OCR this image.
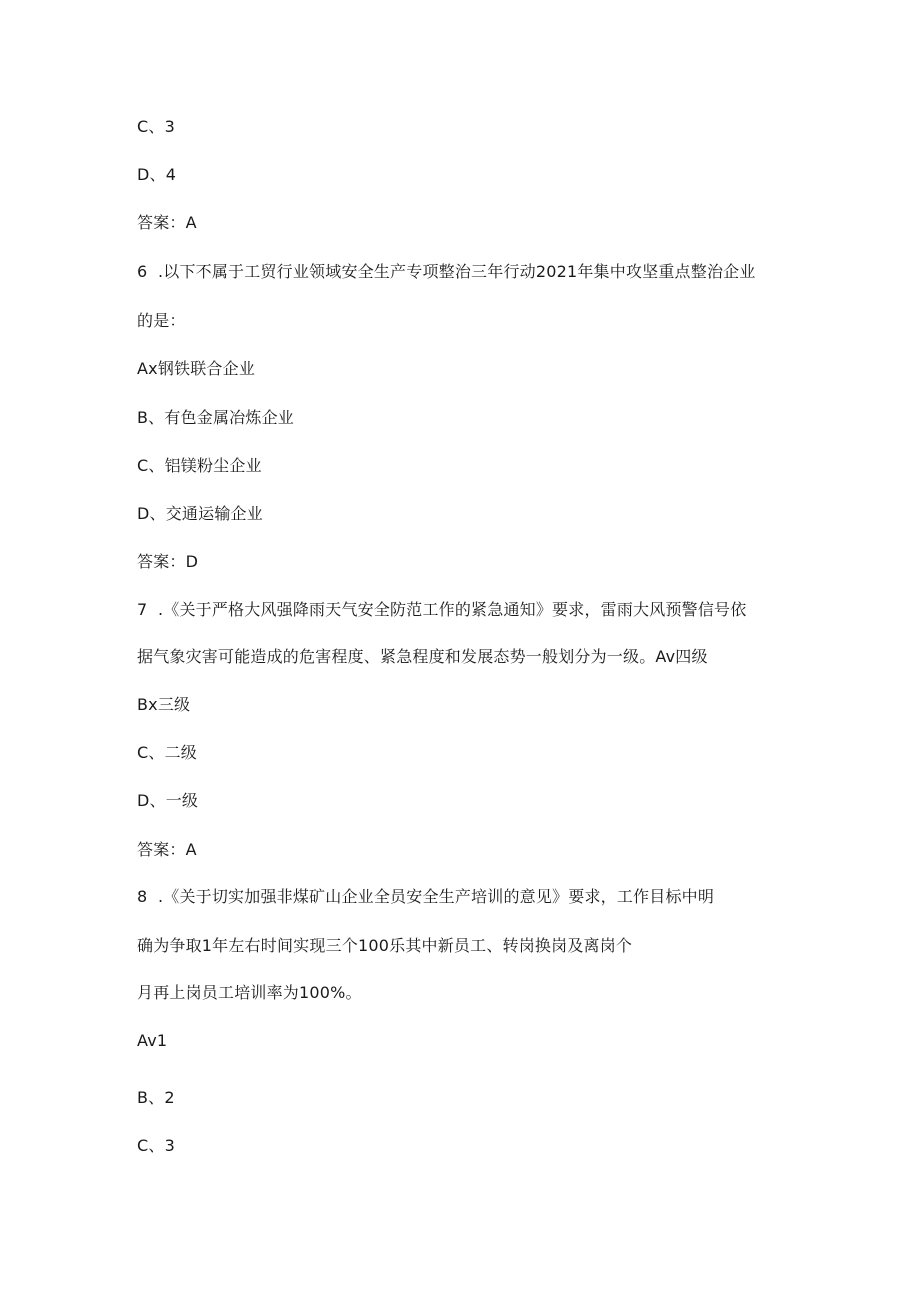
C、3
D、4
答案：A
6  .以下不属于工贸行业领域安全生产专项整治三年行动2021年集中攻坚重点整治企业
的是：
Ax钢铁联合企业
B、有色金属冶炼企业
C、铝镁粉尘企业
D、交通运输企业
答案：D
7  .《关于严格大风强降雨天气安全防范工作的紧急通知》要求，雷雨大风预警信号依
据气象灾害可能造成的危害程度、紧急程度和发展态势一般划分为一级。Av四级
Bx三级
C、二级
D、一级
答案：A
8  .《关于切实加强非煤矿山企业全员安全生产培训的意见》要求，工作目标中明
确为争取1年左右时间实现三个100乐其中新员工、转岗换岗及离岗个
月再上岗员工培训率为100%。
Av1
B、2
C、3
